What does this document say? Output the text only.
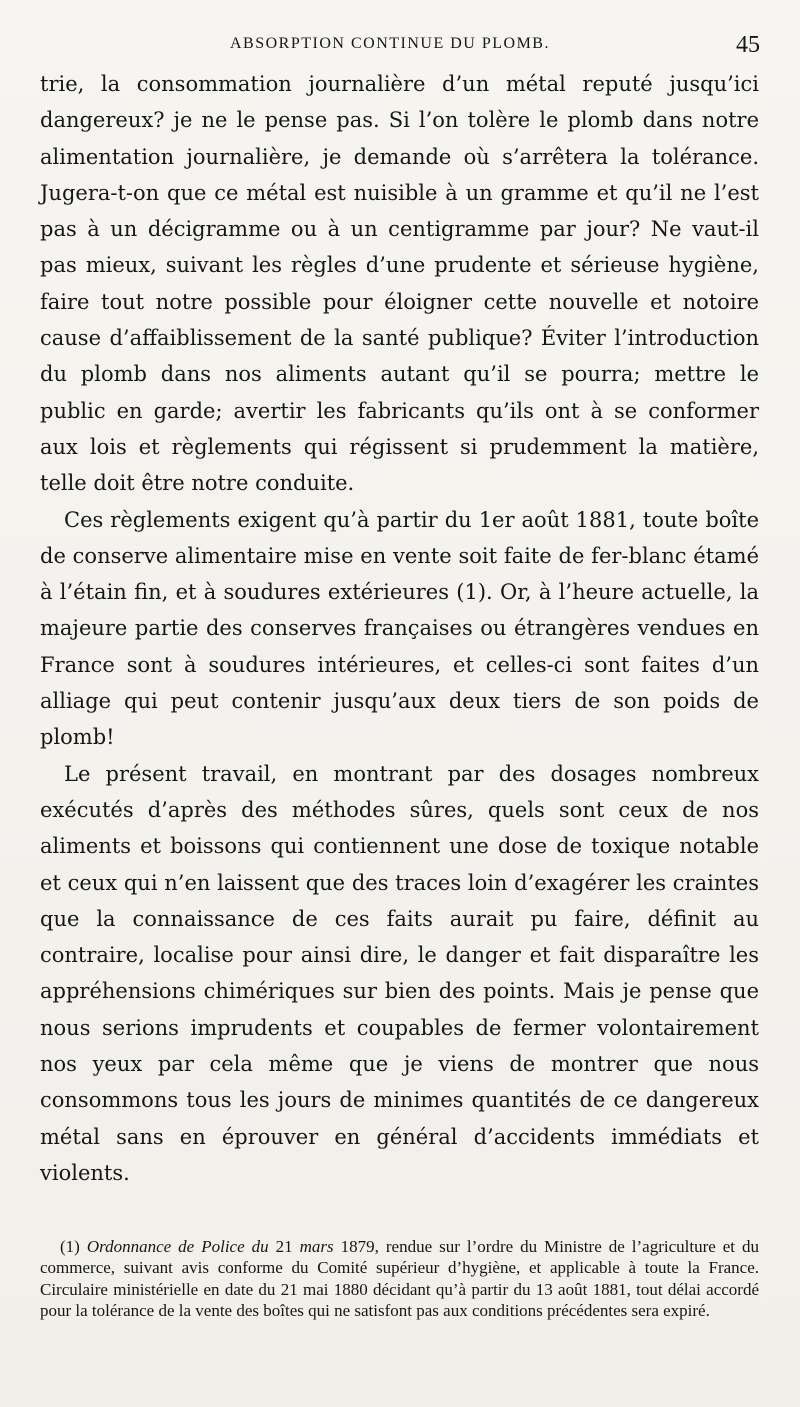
ABSORPTION CONTINUE DU PLOMB.	45

trie, la consommation journalière d’un métal reputé jusqu’ici dangereux? je ne le pense pas. Si l’on tolère le plomb dans notre alimentation journalière, je demande où s’arrêtera la tolérance. Jugera-t-on que ce métal est nuisible à un gramme et qu’il ne l’est pas à un décigramme ou à un centigramme par jour? Ne vaut-il pas mieux, suivant les règles d’une prudente et sérieuse hygiène, faire tout notre possible pour éloigner cette nouvelle et notoire cause d’affaiblissement de la santé publique? Éviter l’introduction du plomb dans nos aliments autant qu’il se pourra; mettre le public en garde; avertir les fabricants qu’ils ont à se conformer aux lois et règlements qui régissent si prudemment la matière, telle doit être notre conduite.

Ces règlements exigent qu’à partir du 1er août 1881, toute boîte de conserve alimentaire mise en vente soit faite de fer-blanc étamé à l’étain fin, et à soudures extérieures (1). Or, à l’heure actuelle, la majeure partie des conserves françaises ou étrangères vendues en France sont à soudures intérieures, et celles-ci sont faites d’un alliage qui peut contenir jusqu’aux deux tiers de son poids de plomb!

Le présent travail, en montrant par des dosages nombreux exécutés d’après des méthodes sûres, quels sont ceux de nos aliments et boissons qui contiennent une dose de toxique notable et ceux qui n’en laissent que des traces loin d’exagérer les craintes que la connaissance de ces faits aurait pu faire, définit au contraire, localise pour ainsi dire, le danger et fait disparaître les appréhensions chimériques sur bien des points. Mais je pense que nous serions imprudents et coupables de fermer volontairement nos yeux par cela même que je viens de montrer que nous consommons tous les jours de minimes quantités de ce dangereux métal sans en éprouver en général d’accidents immédiats et violents.

(1) Ordonnance de Police du 21 mars 1879, rendue sur l’ordre du Ministre de l’agriculture et du commerce, suivant avis conforme du Comité supérieur d’hygiène, et applicable à toute la France. Circulaire ministérielle en date du 21 mai 1880 décidant qu’à partir du 13 août 1881, tout délai accordé pour la tolérance de la vente des boîtes qui ne satisfont pas aux conditions précédentes sera expiré.
